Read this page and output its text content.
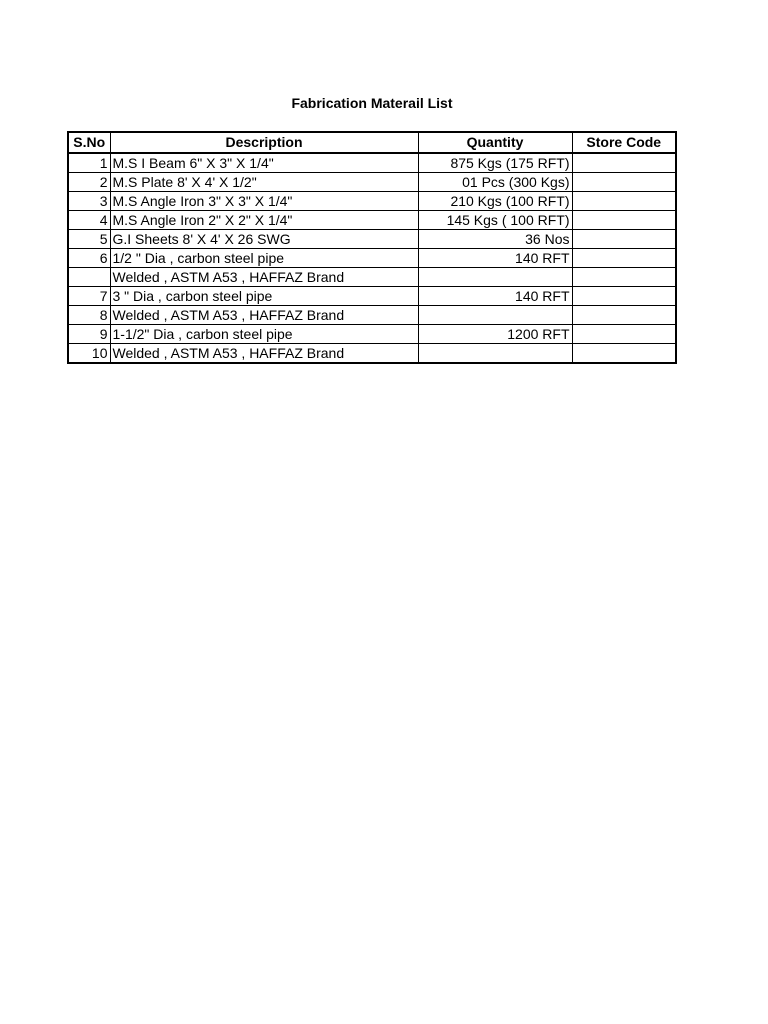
Fabrication Materail List
S.No	Description	Quantity	Store Code
1	M.S I Beam 6" X 3" X 1/4"	875 Kgs (175 RFT)	
2	M.S Plate 8' X 4' X 1/2"	01 Pcs (300 Kgs)	
3	M.S Angle Iron 3" X 3" X 1/4"	210 Kgs (100 RFT)	
4	M.S Angle Iron 2" X 2" X 1/4"	145 Kgs ( 100 RFT)	
5	G.I Sheets 8' X 4' X 26 SWG	36 Nos	
6	1/2 " Dia , carbon steel pipe	140 RFT	
	Welded , ASTM A53 , HAFFAZ Brand		
7	3 " Dia , carbon steel pipe	140 RFT	
8	Welded , ASTM A53 , HAFFAZ Brand		
9	1-1/2" Dia , carbon steel pipe	1200 RFT	
10	Welded , ASTM A53 , HAFFAZ Brand		
